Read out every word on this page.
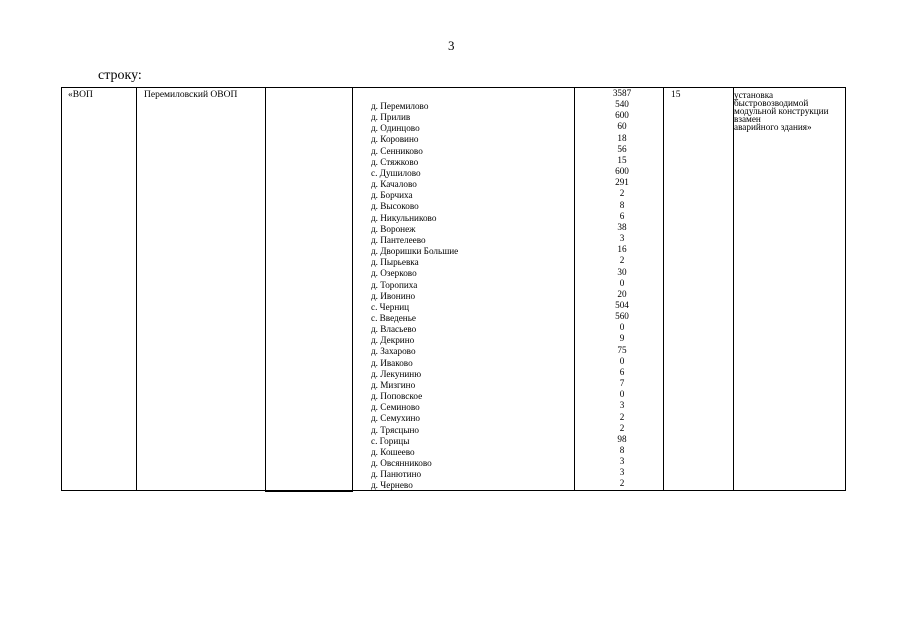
3
строку:
«ВОП	Перемиловский ОВОП
д. Перемилово
д. Прилив
д. Одинцово
д. Коровино
д. Сенниково
д. Стяжково
с. Душилово
д. Качалово
д. Борчиха
д. Высоково
д. Никульниково
д. Воронеж
д. Пантелеево
д. Дворишки Большие
д. Пырьевка
д. Озерково
д. Торопиха
д. Ивонино
с. Черниц
с. Введенье
д. Власьево
д. Декрино
д. Захарово
д. Иваково
д. Лекуниню
д. Мизгино
д. Поповское
д. Семиново
д. Семухино
д. Трясцыно
с. Горицы
д. Кошеево
д. Овсянниково
д. Панютино
д. Черневo
3587
540
600
60
18
56
15
600
291
2
8
6
38
3
16
2
30
0
20
504
560
0
9
75
0
6
7
0
3
2
2
98
8
3
3
2
15	установка
быстровозводимой
модульной конструкции
взамен
аварийного здания»
